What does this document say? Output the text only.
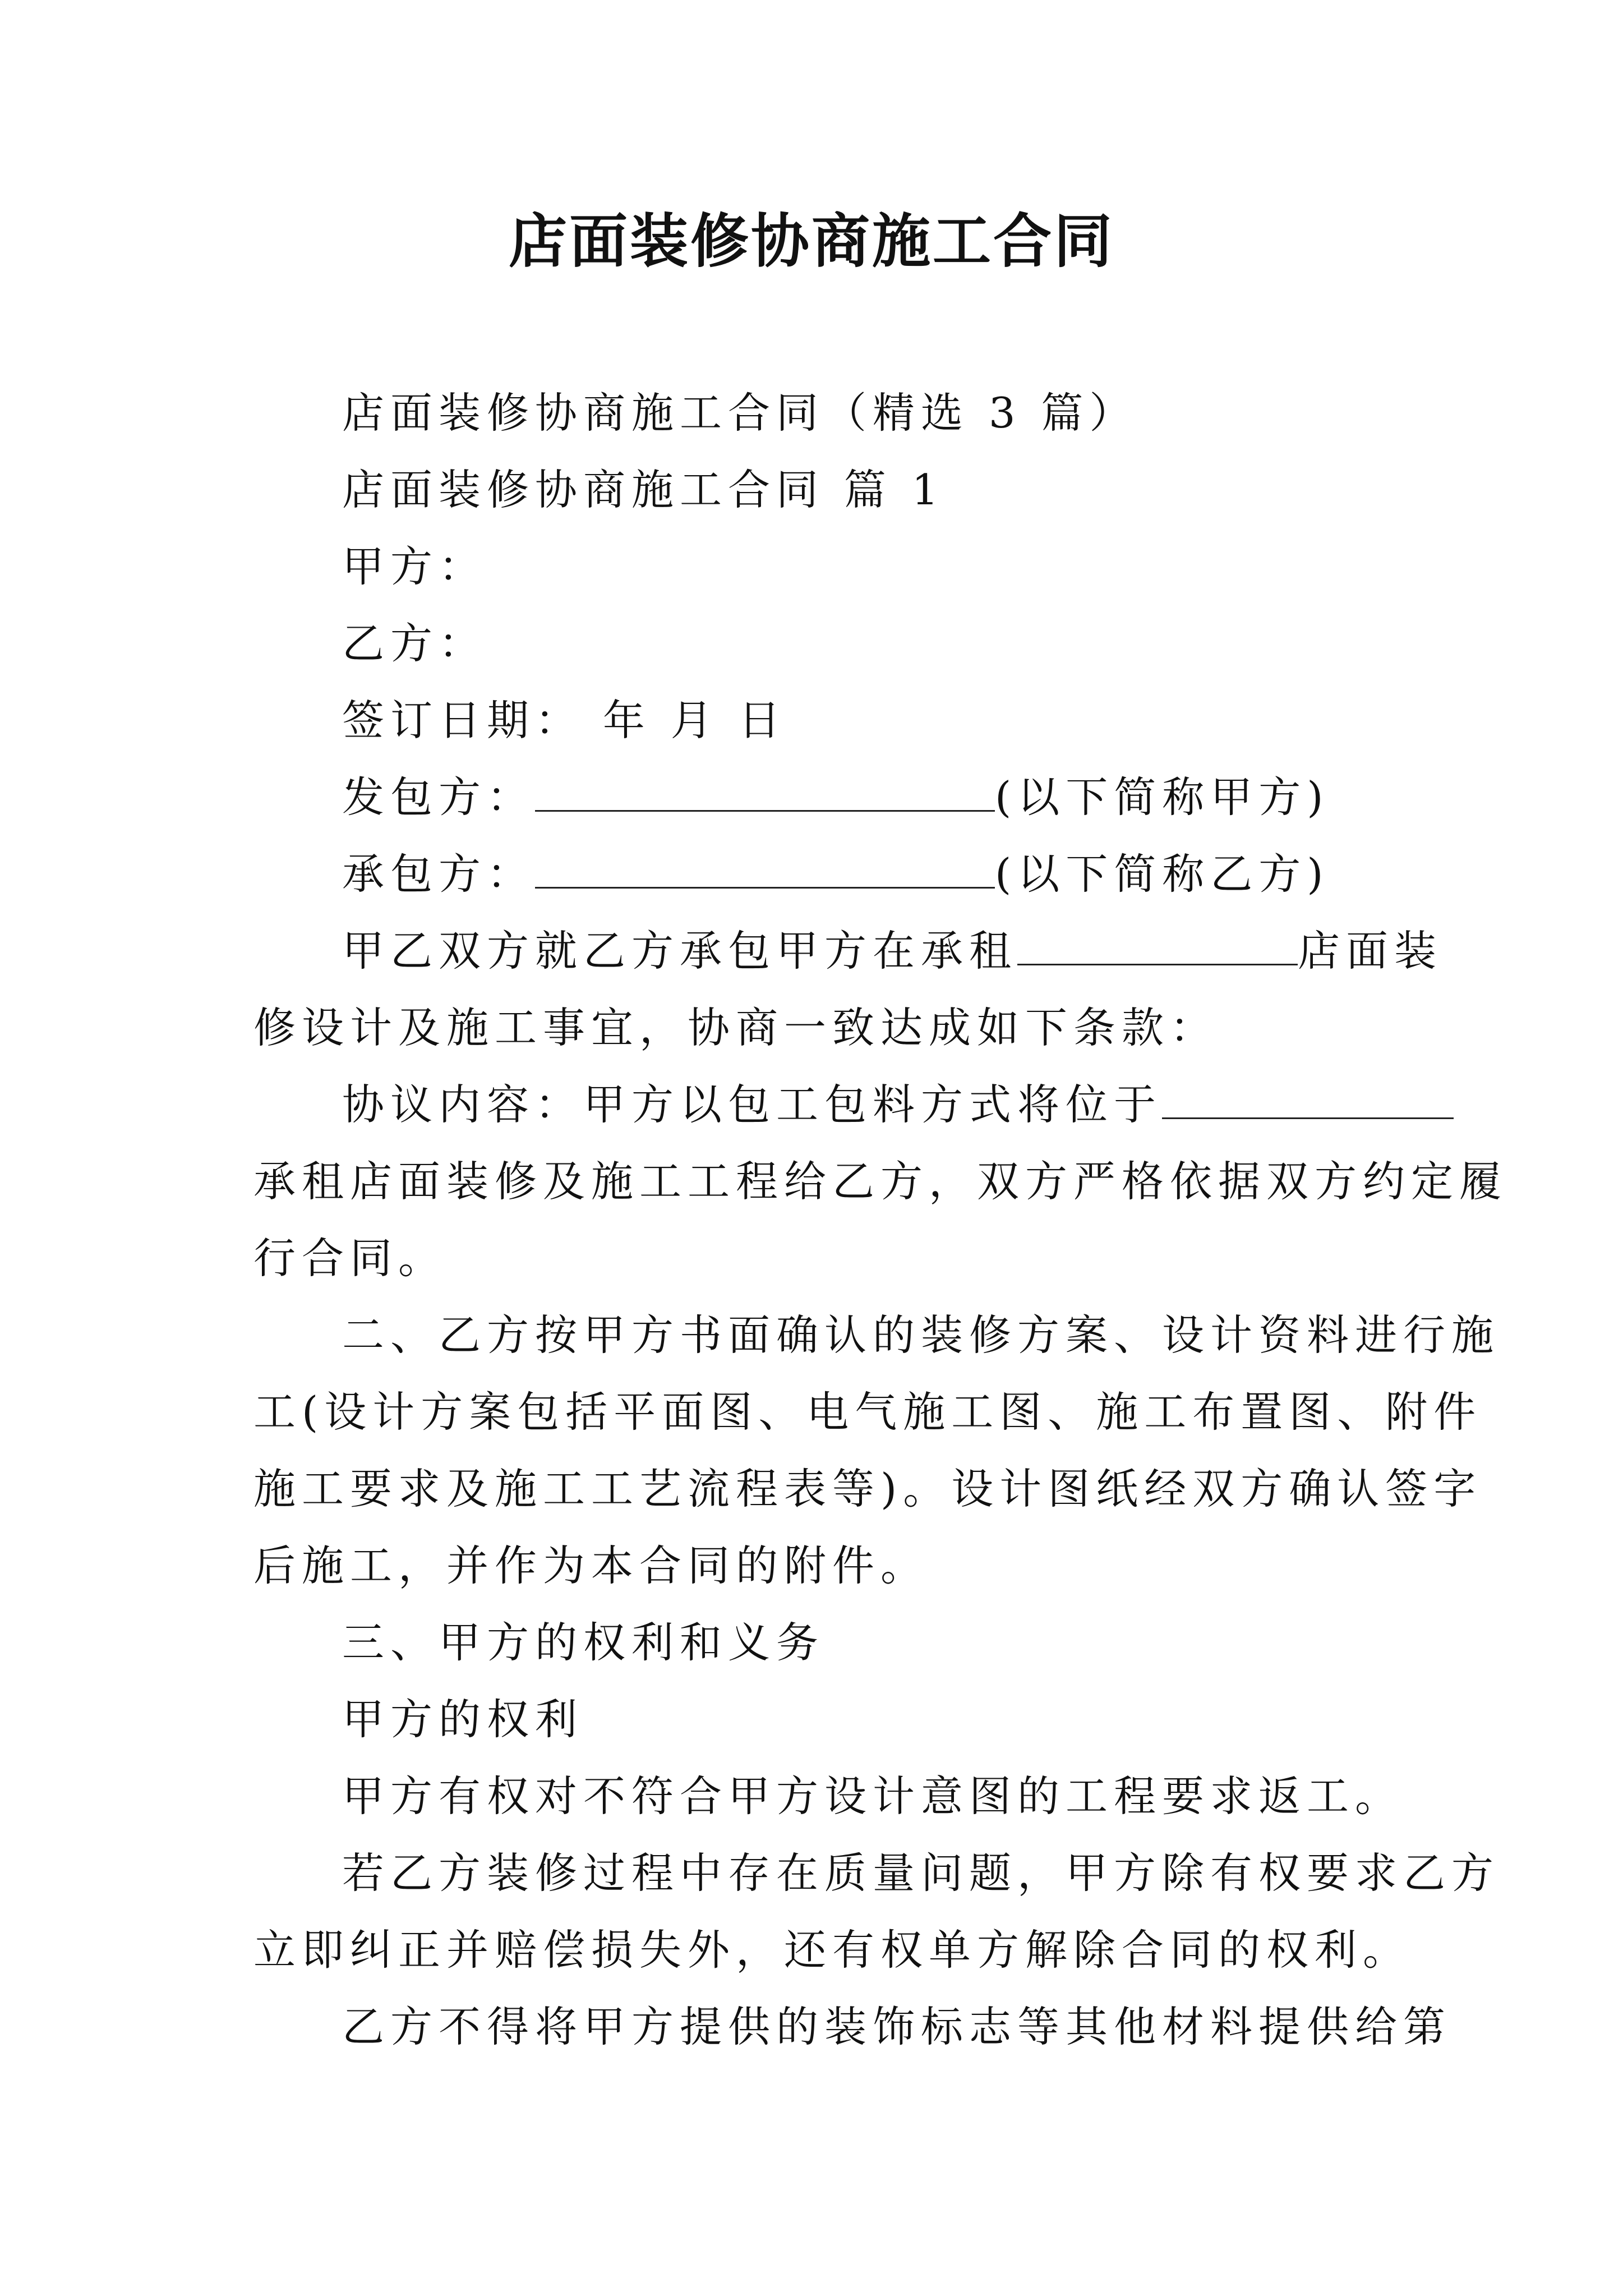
店面装修协商施工合同
店面装修协商施工合同（精选 3 篇）
店面装修协商施工合同 篇 1
甲方：
乙方：
签订日期： 年 月 日
发包方：	(以下简称甲方)
承包方：	(以下简称乙方)
甲乙双方就乙方承包甲方在承租	店面装
修设计及施工事宜，协商一致达成如下条款：
协议内容：甲方以包工包料方式将位于
承租店面装修及施工工程给乙方，双方严格依据双方约定履
行合同。
二、乙方按甲方书面确认的装修方案、设计资料进行施
工(设计方案包括平面图、电气施工图、施工布置图、附件
施工要求及施工工艺流程表等)。设计图纸经双方确认签字
后施工，并作为本合同的附件。
三、甲方的权利和义务
甲方的权利
甲方有权对不符合甲方设计意图的工程要求返工。
若乙方装修过程中存在质量问题，甲方除有权要求乙方
立即纠正并赔偿损失外，还有权单方解除合同的权利。
乙方不得将甲方提供的装饰标志等其他材料提供给第
